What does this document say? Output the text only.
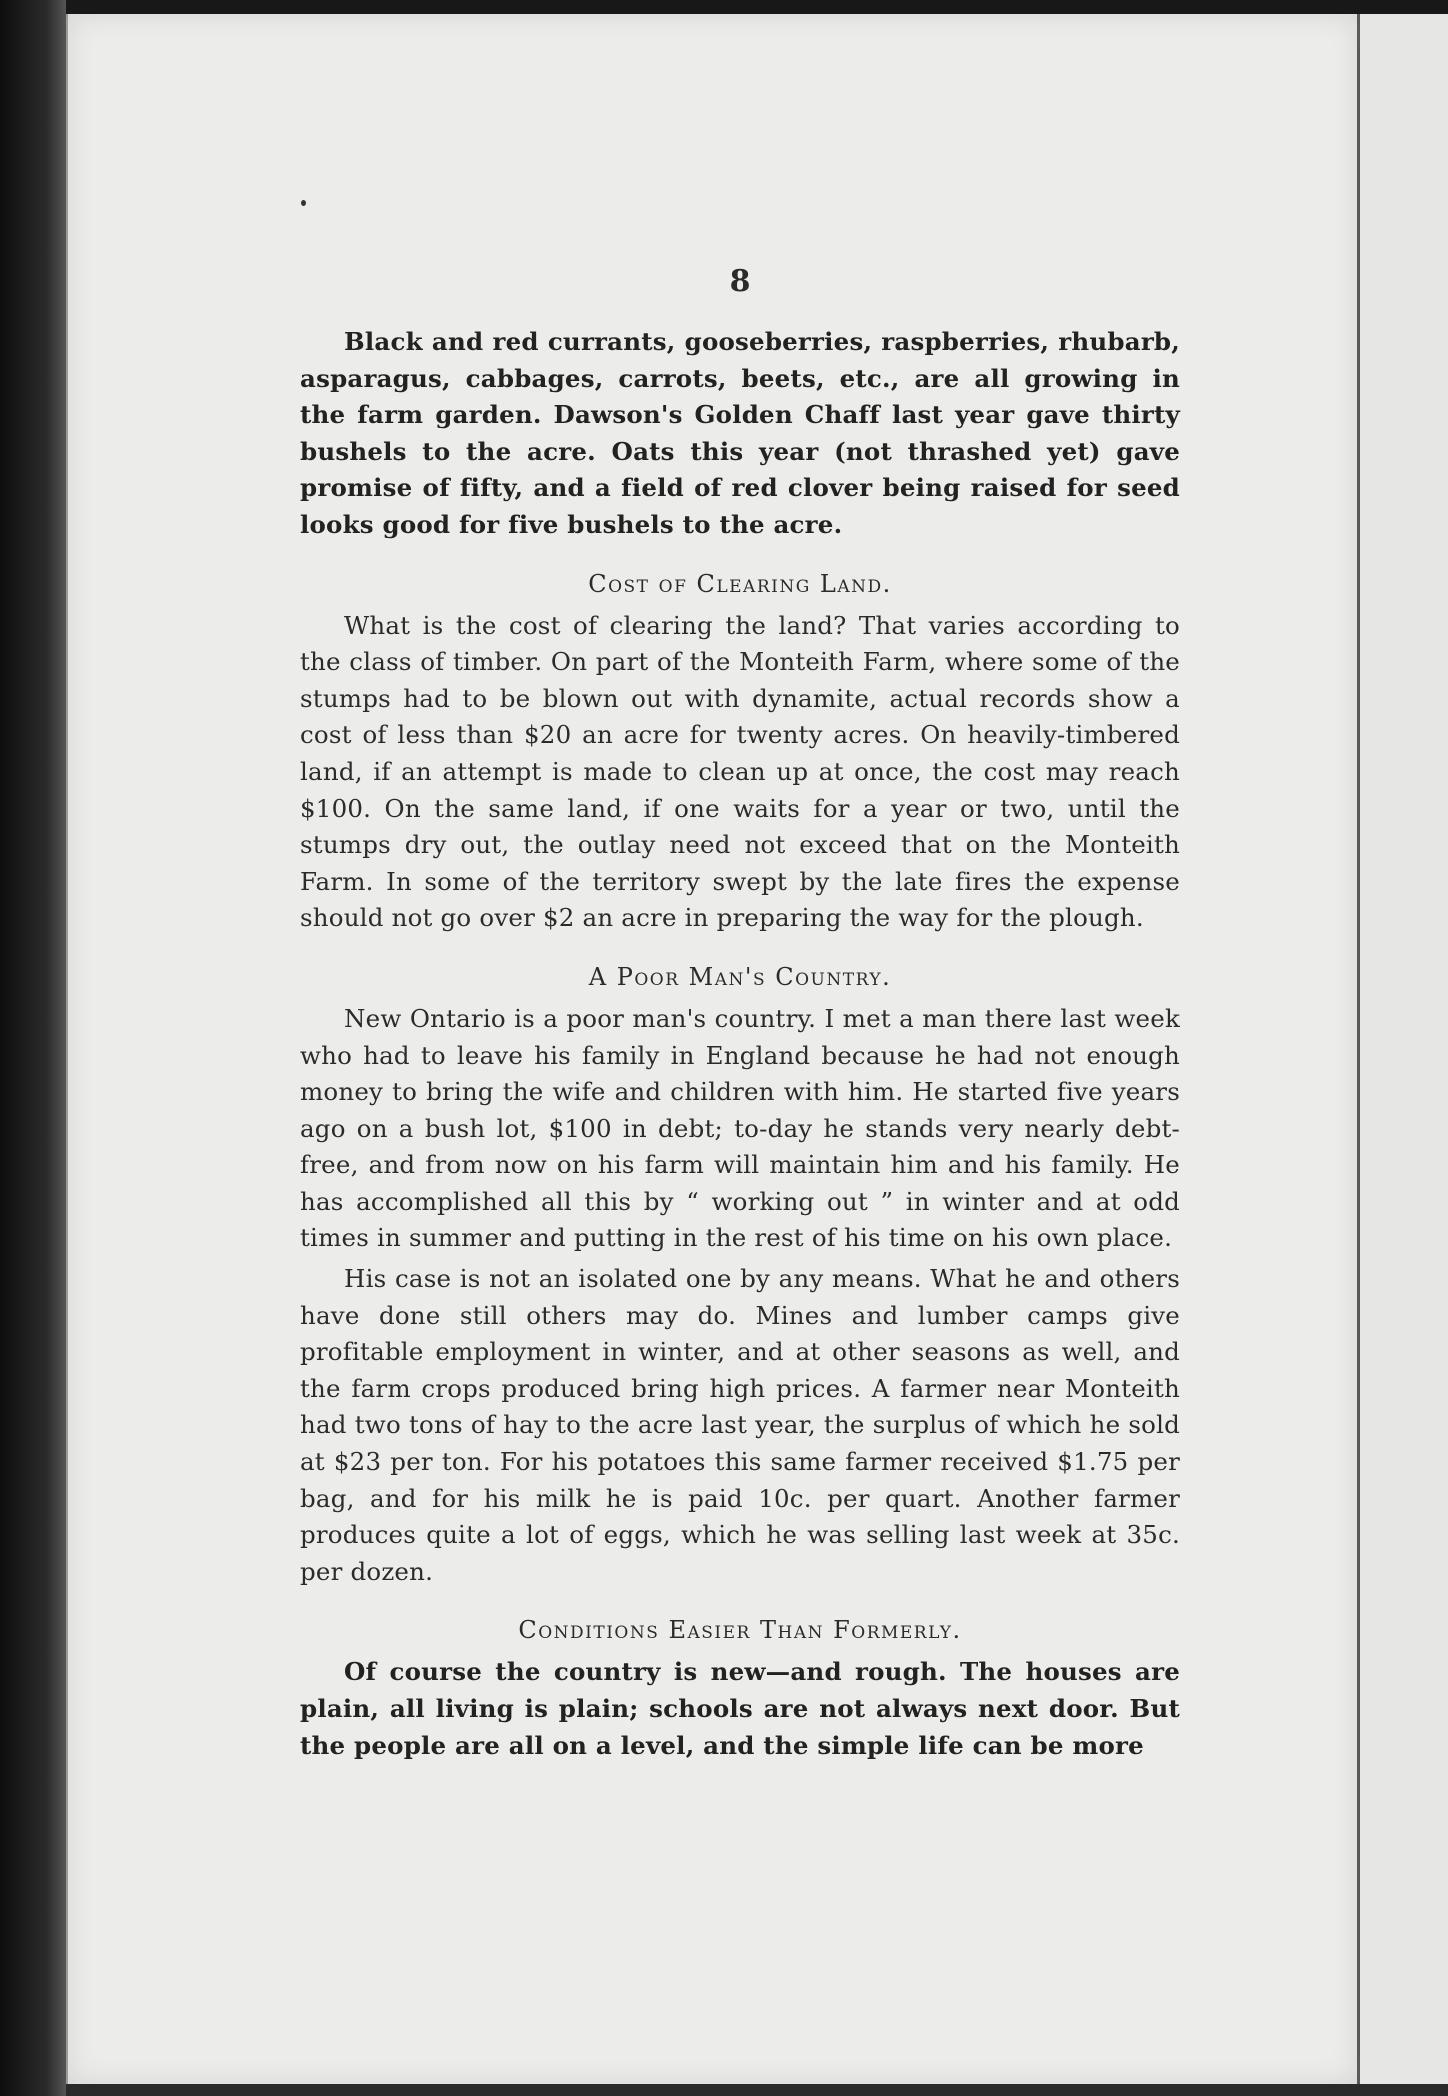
8

Black and red currants, gooseberries, raspberries, rhubarb, asparagus, cabbages, carrots, beets, etc., are all growing in the farm garden. Dawson's Golden Chaff last year gave thirty bushels to the acre. Oats this year (not thrashed yet) gave promise of fifty, and a field of red clover being raised for seed looks good for five bushels to the acre.

Cost of Clearing Land.

What is the cost of clearing the land? That varies according to the class of timber. On part of the Monteith Farm, where some of the stumps had to be blown out with dynamite, actual records show a cost of less than $20 an acre for twenty acres. On heavily-timbered land, if an attempt is made to clean up at once, the cost may reach $100. On the same land, if one waits for a year or two, until the stumps dry out, the outlay need not exceed that on the Monteith Farm. In some of the territory swept by the late fires the expense should not go over $2 an acre in preparing the way for the plough.

A Poor Man's Country.

New Ontario is a poor man's country. I met a man there last week who had to leave his family in England because he had not enough money to bring the wife and children with him. He started five years ago on a bush lot, $100 in debt; to-day he stands very nearly debt-free, and from now on his farm will maintain him and his family. He has accomplished all this by “ working out ” in winter and at odd times in summer and putting in the rest of his time on his own place.

His case is not an isolated one by any means. What he and others have done still others may do. Mines and lumber camps give profitable employment in winter, and at other seasons as well, and the farm crops produced bring high prices. A farmer near Monteith had two tons of hay to the acre last year, the surplus of which he sold at $23 per ton. For his potatoes this same farmer received $1.75 per bag, and for his milk he is paid 10c. per quart. Another farmer produces quite a lot of eggs, which he was selling last week at 35c. per dozen.

Conditions Easier Than Formerly.

Of course the country is new—and rough. The houses are plain, all living is plain; schools are not always next door. But the people are all on a level, and the simple life can be more
